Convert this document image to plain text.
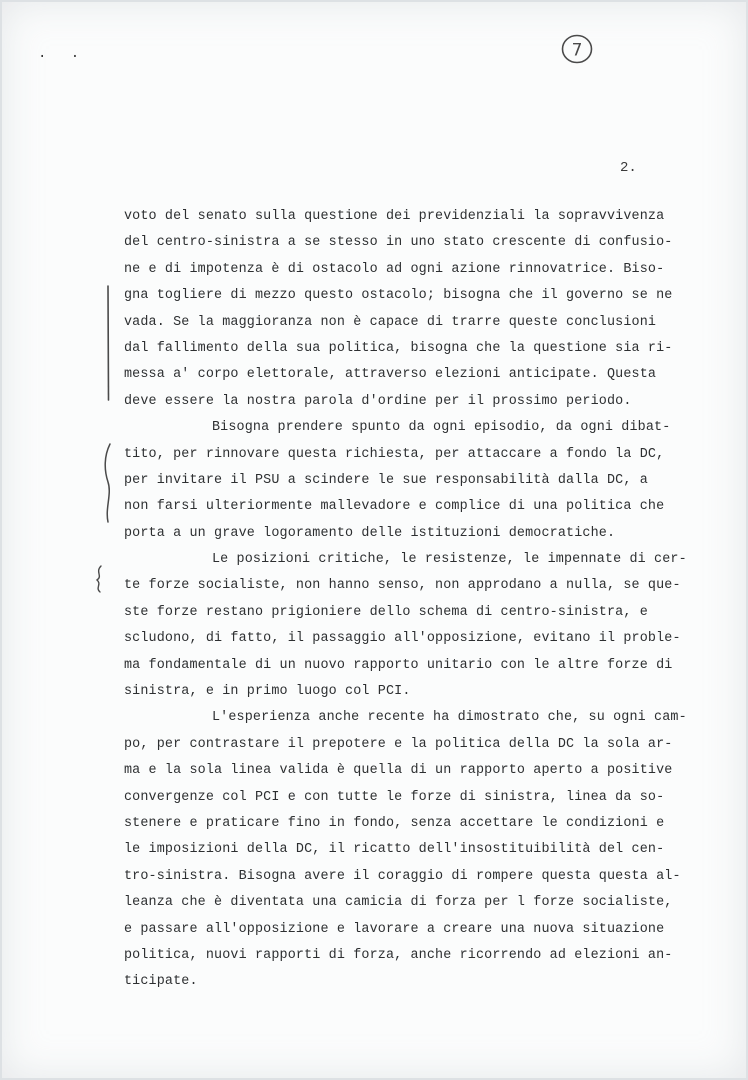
. .	7
2.
voto del senato sulla questione dei previdenziali la sopravvivenza
del centro-sinistra a se stesso in uno stato crescente di confusio-
ne e di impotenza è di ostacolo ad ogni azione rinnovatrice. Biso-
gna togliere di mezzo questo ostacolo; bisogna che il governo se ne
vada. Se la maggioranza non è capace di trarre queste conclusioni
dal fallimento della sua politica, bisogna che la questione sia ri-
messa a' corpo elettorale, attraverso elezioni anticipate. Questa
deve essere la nostra parola d'ordine per il prossimo periodo.
Bisogna prendere spunto da ogni episodio, da ogni dibat-
tito, per rinnovare questa richiesta, per attaccare a fondo la DC,
per invitare il PSU a scindere le sue responsabilità dalla DC, a
non farsi ulteriormente mallevadore e complice di una politica che
porta a un grave logoramento delle istituzioni democratiche.
Le posizioni critiche, le resistenze, le impennate di cer-
te forze socialiste, non hanno senso, non approdano a nulla, se que-
ste forze restano prigioniere dello schema di centro-sinistra, e
scludono, di fatto, il passaggio all'opposizione, evitano il proble-
ma fondamentale di un nuovo rapporto unitario con le altre forze di
sinistra, e in primo luogo col PCI.
L'esperienza anche recente ha dimostrato che, su ogni cam-
po, per contrastare il prepotere e la politica della DC la sola ar-
ma e la sola linea valida è quella di un rapporto aperto a positive
convergenze col PCI e con tutte le forze di sinistra, linea da so-
stenere e praticare fino in fondo, senza accettare le condizioni e
le imposizioni della DC, il ricatto dell'insostituibilità del cen-
tro-sinistra. Bisogna avere il coraggio di rompere questa questa al-
leanza che è diventata una camicia di forza per l forze socialiste,
e passare all'opposizione e lavorare a creare una nuova situazione
politica, nuovi rapporti di forza, anche ricorrendo ad elezioni an-
ticipate.
